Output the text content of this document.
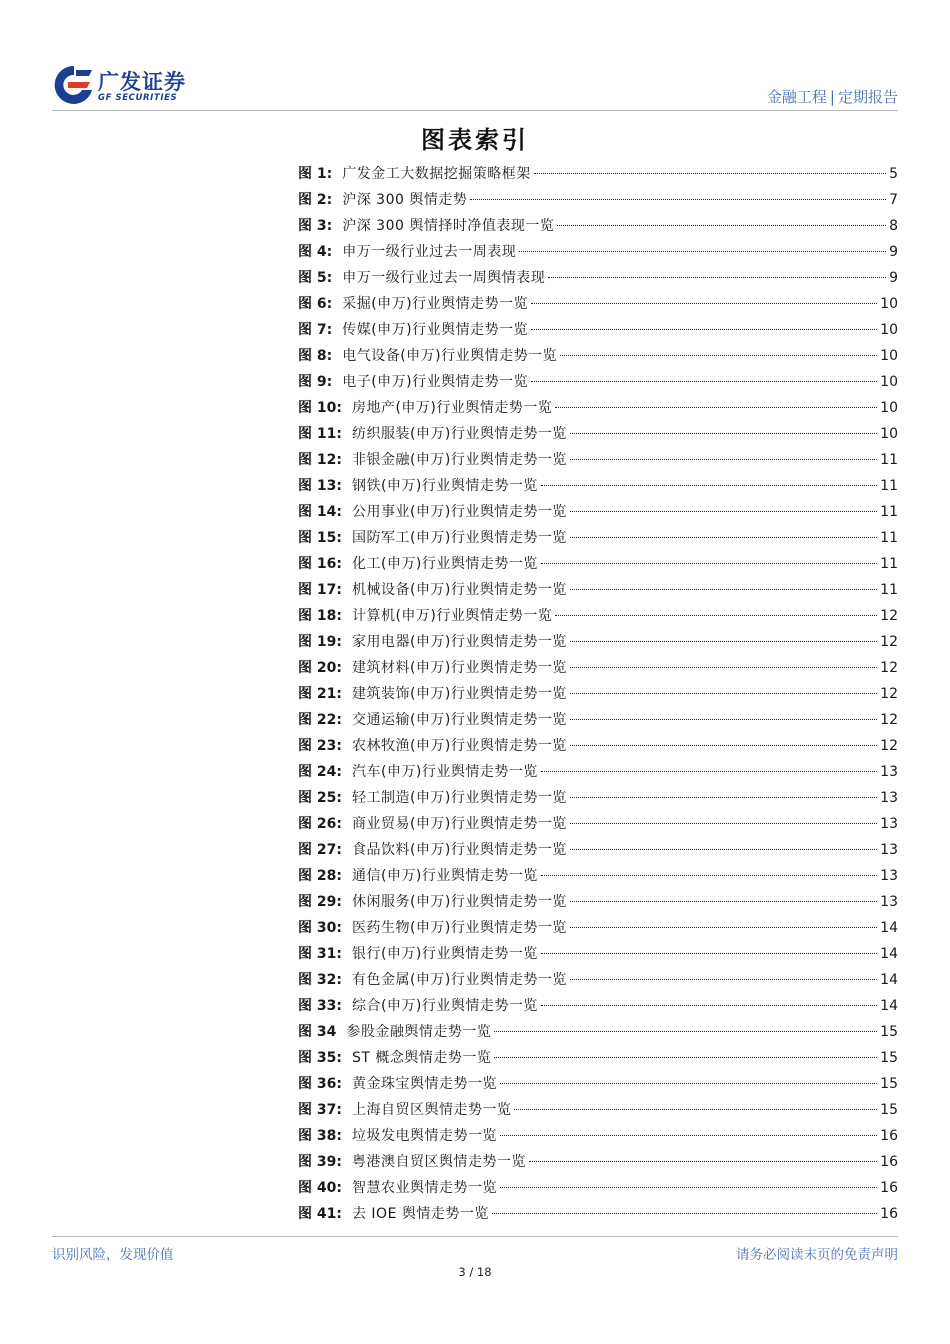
广发证券
GF SECURITIES	金融工程 | 定期报告
图表索引
图 1: 广发金工大数据挖掘策略框架	5
图 2: 沪深 300 舆情走势	7
图 3: 沪深 300 舆情择时净值表现一览	8
图 4: 申万一级行业过去一周表现	9
图 5: 申万一级行业过去一周舆情表现	9
图 6: 采掘(申万)行业舆情走势一览	10
图 7: 传媒(申万)行业舆情走势一览	10
图 8: 电气设备(申万)行业舆情走势一览	10
图 9: 电子(申万)行业舆情走势一览	10
图 10: 房地产(申万)行业舆情走势一览	10
图 11: 纺织服装(申万)行业舆情走势一览	10
图 12: 非银金融(申万)行业舆情走势一览	11
图 13: 钢铁(申万)行业舆情走势一览	11
图 14: 公用事业(申万)行业舆情走势一览	11
图 15: 国防军工(申万)行业舆情走势一览	11
图 16: 化工(申万)行业舆情走势一览	11
图 17: 机械设备(申万)行业舆情走势一览	11
图 18: 计算机(申万)行业舆情走势一览	12
图 19: 家用电器(申万)行业舆情走势一览	12
图 20: 建筑材料(申万)行业舆情走势一览	12
图 21: 建筑装饰(申万)行业舆情走势一览	12
图 22: 交通运输(申万)行业舆情走势一览	12
图 23: 农林牧渔(申万)行业舆情走势一览	12
图 24: 汽车(申万)行业舆情走势一览	13
图 25: 轻工制造(申万)行业舆情走势一览	13
图 26: 商业贸易(申万)行业舆情走势一览	13
图 27: 食品饮料(申万)行业舆情走势一览	13
图 28: 通信(申万)行业舆情走势一览	13
图 29: 休闲服务(申万)行业舆情走势一览	13
图 30: 医药生物(申万)行业舆情走势一览	14
图 31: 银行(申万)行业舆情走势一览	14
图 32: 有色金属(申万)行业舆情走势一览	14
图 33: 综合(申万)行业舆情走势一览	14
图 34 参股金融舆情走势一览	15
图 35: ST 概念舆情走势一览	15
图 36: 黄金珠宝舆情走势一览	15
图 37: 上海自贸区舆情走势一览	15
图 38: 垃圾发电舆情走势一览	16
图 39: 粤港澳自贸区舆情走势一览	16
图 40: 智慧农业舆情走势一览	16
图 41: 去 IOE 舆情走势一览	16
识别风险，发现价值	请务必阅读末页的免责声明
3 / 18
